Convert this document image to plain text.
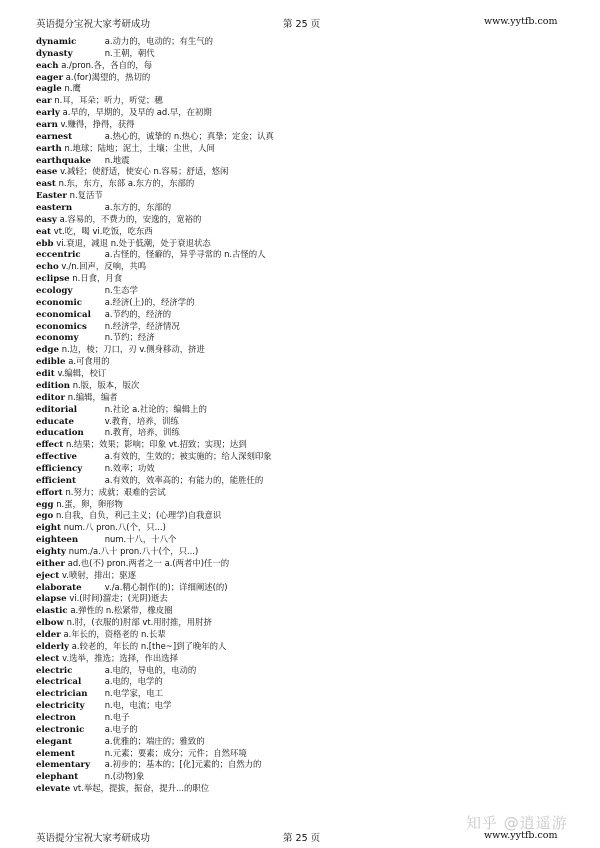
英语提分宝祝大家考研成功	第 25 页	www.yytfb.com
dynamic	a.动力的，电动的；有生气的
dynasty	n.王朝，朝代
each a./pron.各，各自的，每
eager a.(for)渴望的，热切的
eagle n.鹰
ear n.耳，耳朵；听力，听觉；穗
early a.早的，早期的，及早的 ad.早，在初期
earn v.赚得，挣得，获得
earnest	a.热心的，诚挚的 n.热心；真挚；定金；认真
earth n.地球；陆地；泥土，土壤；尘世，人间
earthquake n.地震
ease v.减轻；使舒适，使安心 n.容易；舒适，悠闲
east n.东，东方，东部 a.东方的，东部的
Easter n.复活节
eastern	a.东方的，东部的
easy a.容易的，不费力的，安逸的，宽裕的
eat vt.吃，喝 vi.吃饭，吃东西
ebb vi.衰退，减退 n.处于低潮，处于衰退状态
eccentric	a.古怪的，怪癖的，异乎寻常的 n.古怪的人
echo v./n.回声，反响，共鸣
eclipse n.日食，月食
ecology	n.生态学
economic	a.经济(上)的，经济学的
economical a.节约的，经济的
economics n.经济学，经济情况
economy	n.节约；经济
edge n.边，棱；刀口，刃 v.侧身移动，挤进
edible a.可食用的
edit v.编辑，校订
edition n.版，版本，版次
editor n.编辑，编者
editorial	n.社论 a.社论的；编辑上的
educate	v.教育，培养，训练
education n.教育，培养，训练
effect n.结果；效果；影响；印象 vt.招致；实现；达到
effective	a.有效的，生效的；被实施的；给人深刻印象
efficiency	n.效率；功效
efficient	a.有效的，效率高的；有能力的，能胜任的
effort n.努力；成就；艰难的尝试
egg n.蛋，卵，卵形物
ego n.自我，自负，利己主义；(心理学)自我意识
eight num.八 pron.八(个，只...)
eighteen	num.十八，十八个
eighty num./a.八十 pron.八十(个，只...)
either ad.也(不) pron.两者之一 a.(两者中)任一的
eject v.喷射，排出；驱逐
elaborate	v./a.精心制作(的)；详细阐述(的)
elapse vi.(时间)溜走；(光阴)逝去
elastic a.弹性的 n.松紧带，橡皮圈
elbow n.肘，(衣服的)肘部 vt.用肘推，用肘挤
elder a.年长的，资格老的 n.长辈
elderly a.较老的，年长的 n.[the~]到了晚年的人
elect v.选举，推选；选择，作出选择
electric	a.电的，导电的，电动的
electrical	a.电的，电学的
electrician n.电学家，电工
electricity n.电，电流；电学
electron	n.电子
electronic a.电子的
elegant	a.优雅的；端庄的；雅致的
element	n.元素；要素；成分；元件；自然环境
elementary a.初步的；基本的；[化]元素的；自然力的
elephant	n.(动物)象
elevate vt.举起，提拔，振奋，提升...的职位
知乎 @逍遥游
英语提分宝祝大家考研成功	第 25 页	www.yytfb.com
